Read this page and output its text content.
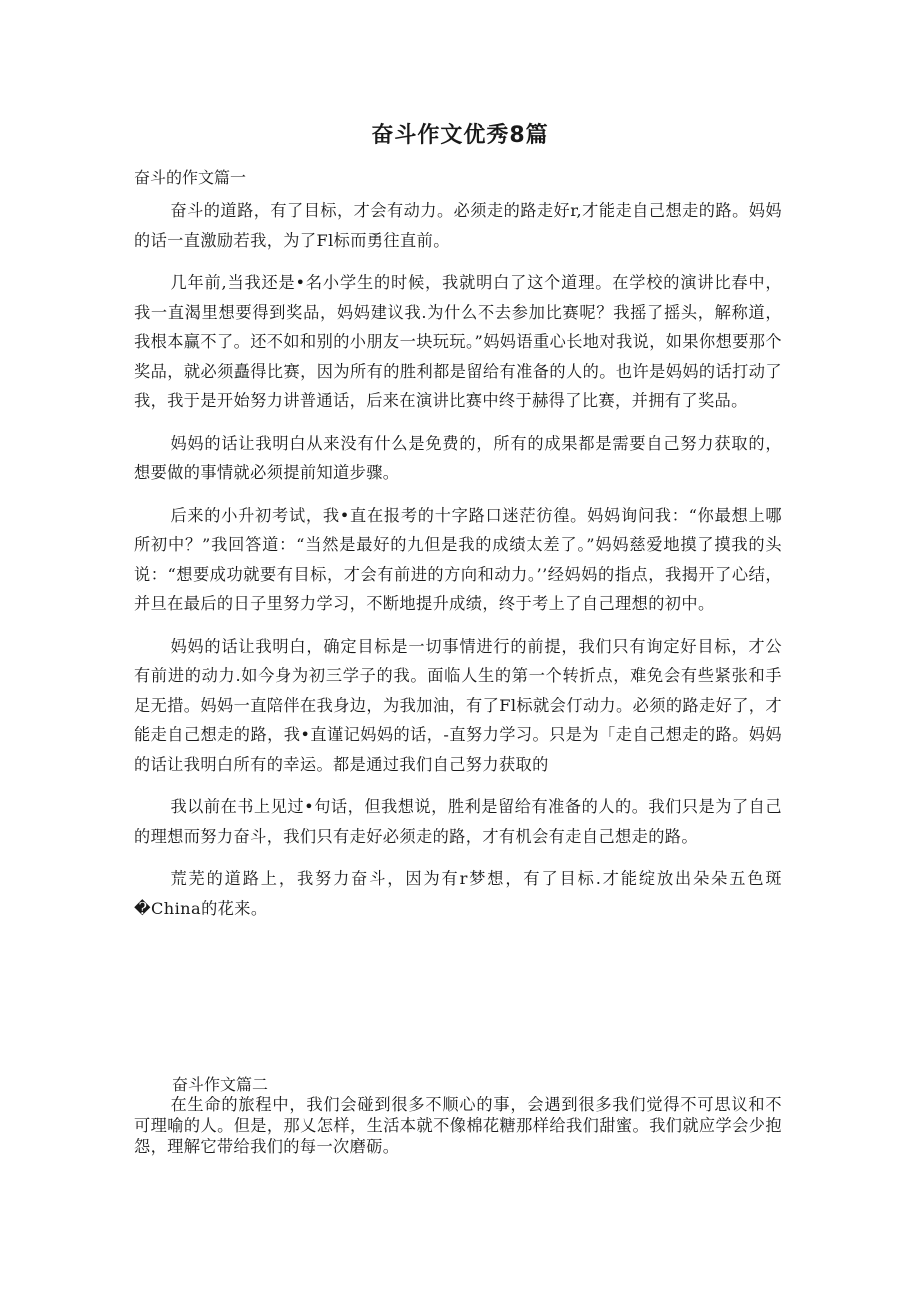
奋斗作文优秀8篇

奋斗的作文篇一

奋斗的道路，有了目标，才会有动力。必须走的路走好r,才能走自己想走的路。妈妈的话一直激励若我，为了Fl标而勇往直前。

几年前,当我还是•名小学生的时候，我就明白了这个道理。在学校的演讲比春中，我一直渴里想要得到奖品，妈妈建议我.为什么不去参加比赛呢？我摇了摇头，解称道，我根本赢不了。还不如和别的小朋友一块玩玩。”妈妈语重心长地对我说，如果你想要那个奖品，就必须矗得比赛，因为所有的胜利都是留给有准备的人的。也许是妈妈的话打动了我，我于是开始努力讲普通话，后来在演讲比赛中终于赫得了比赛，并拥有了奖品。

妈妈的话让我明白从来没有什么是免费的，所有的成果都是需要自己努力获取的，想要做的事情就必须提前知道步骤。

后来的小升初考试，我•直在报考的十字路口迷茫彷徨。妈妈询问我：“你最想上哪所初中？”我回答道：“当然是最好的九但是我的成绩太差了。”妈妈慈爱地摸了摸我的头说：“想要成功就要有目标，才会有前进的方向和动力。’’经妈妈的指点，我揭开了心结，并旦在最后的日子里努力学习，不断地提升成绩，终于考上了自己理想的初中。

妈妈的话让我明白，确定目标是一切事情进行的前提，我们只有询定好目标，才公有前进的动力.如今身为初三学子的我。面临人生的第一个转折点，难免会有些紧张和手足无措。妈妈一直陪伴在我身边，为我加油，有了Fl标就会仃动力。必须的路走好了，才能走自己想走的路，我•直谨记妈妈的话，-直努力学习。只是为「走自己想走的路。妈妈的话让我明白所有的幸运。都是通过我们自己努力获取的

我以前在书上见过•句话，但我想说，胜利是留给有准备的人的。我们只是为了自己的理想而努力奋斗，我们只有走好必须走的路，才有机会有走自己想走的路。

荒芜的道路上，我努力奋斗，因为有r梦想，有了目标.才能绽放出朵朵五色斑�China的花来。

奋斗作文篇二

在生命的旅程中，我们会碰到很多不顺心的事，会遇到很多我们觉得不可思议和不可理喻的人。但是，那乂怎样，生活本就不像棉花糖那样给我们甜蜜。我们就应学会少抱怨，理解它带给我们的每一次磨砺。
